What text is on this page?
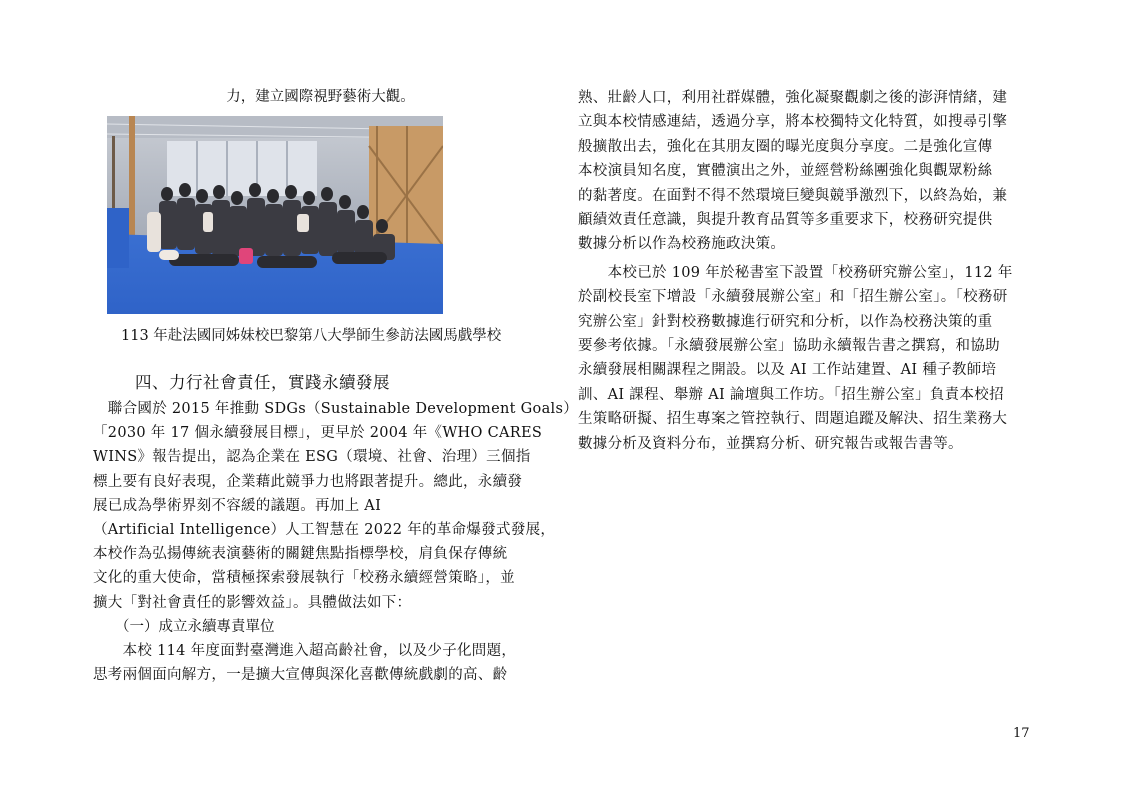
力，建立國際視野藝術大觀。

113 年赴法國同姊妹校巴黎第八大學師生參訪法國馬戲學校

四、力行社會責任，實踐永續發展

　聯合國於 2015 年推動 SDGs（Sustainable Development Goals）
「2030 年 17 個永續發展目標」，更早於 2004 年《WHO CARES
WINS》報告提出，認為企業在 ESG（環境、社會、治理）三個指
標上要有良好表現，企業藉此競爭力也將跟著提升。總此，永續發
展已成為學術界刻不容緩的議題。再加上 AI
（Artificial Intelligence）人工智慧在 2022 年的革命爆發式發展，
本校作為弘揚傳統表演藝術的關鍵焦點指標學校，肩負保存傳統
文化的重大使命，當積極探索發展執行「校務永續經營策略」，並
擴大「對社會責任的影響效益」。具體做法如下：

（一）成立永續專責單位

　　本校 114 年度面對臺灣進入超高齡社會，以及少子化問題，
思考兩個面向解方，一是擴大宣傳與深化喜歡傳統戲劇的高、齡
熟、壯齡人口，利用社群媒體，強化凝聚觀劇之後的澎湃情緒，建
立與本校情感連結，透過分享，將本校獨特文化特質，如搜尋引擎
般擴散出去，強化在其朋友圈的曝光度與分享度。二是強化宣傳
本校演員知名度，實體演出之外，並經營粉絲團強化與觀眾粉絲
的黏著度。在面對不得不然環境巨變與競爭激烈下，以終為始，兼
顧績效責任意識，與提升教育品質等多重要求下，校務研究提供
數據分析以作為校務施政決策。
　　本校已於 109 年於秘書室下設置「校務研究辦公室」，112 年
於副校長室下增設「永續發展辦公室」和「招生辦公室」。「校務研
究辦公室」針對校務數據進行研究和分析，以作為校務決策的重
要參考依據。「永續發展辦公室」協助永續報告書之撰寫，和協助
永續發展相關課程之開設。以及 AI 工作站建置、AI 種子教師培
訓、AI 課程、舉辦 AI 論壇與工作坊。「招生辦公室」負責本校招
生策略研擬、招生專案之管控執行、問題追蹤及解決、招生業務大
數據分析及資料分布，並撰寫分析、研究報告或報告書等。
17
